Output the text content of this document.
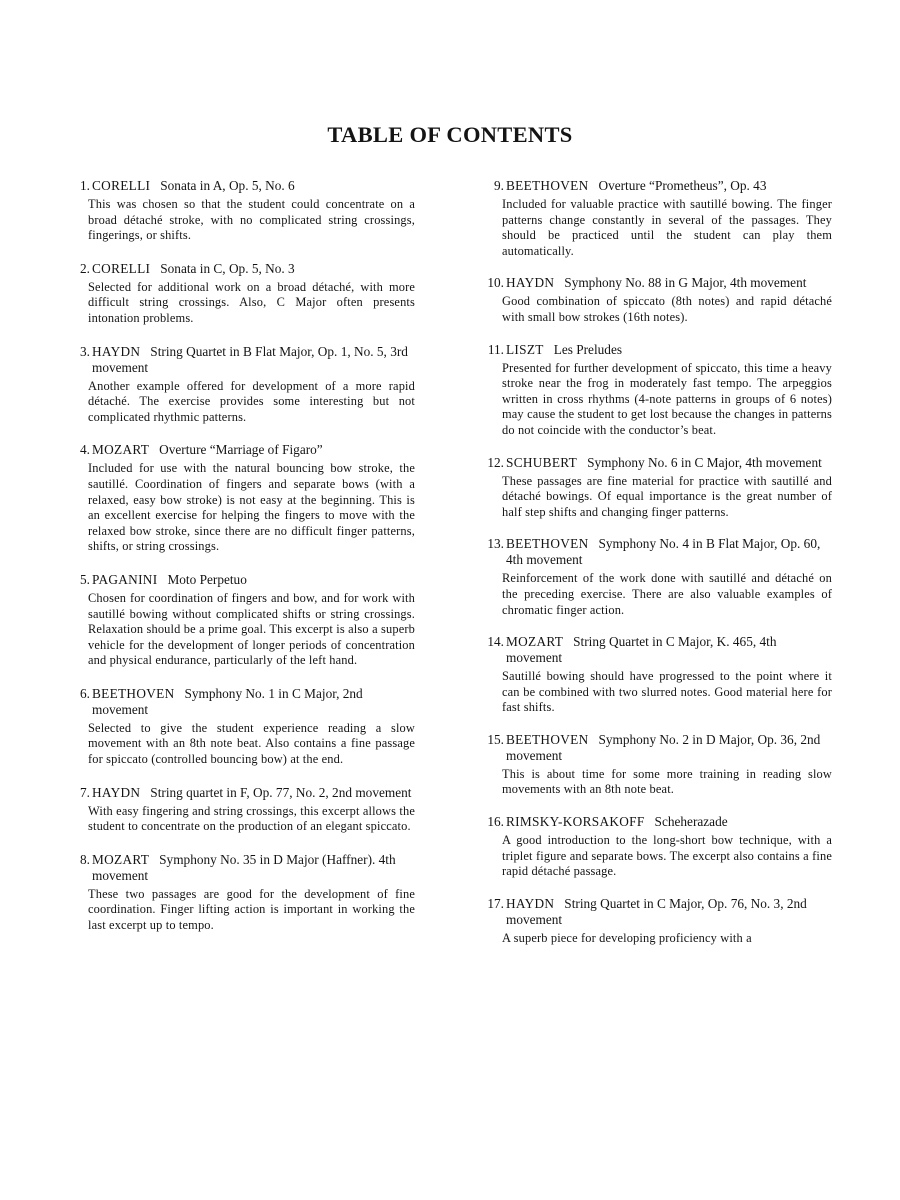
TABLE OF CONTENTS
1. CORELLI Sonata in A, Op. 5, No. 6
This was chosen so that the student could concentrate on a broad détaché stroke, with no complicated string crossings, fingerings, or shifts.
2. CORELLI Sonata in C, Op. 5, No. 3
Selected for additional work on a broad détaché, with more difficult string crossings. Also, C Major often presents intonation problems.
3. HAYDN String Quartet in B Flat Major, Op. 1, No. 5, 3rd movement
Another example offered for development of a more rapid détaché. The exercise provides some interesting but not complicated rhythmic patterns.
4. MOZART Overture “Marriage of Figaro”
Included for use with the natural bouncing bow stroke, the sautillé. Coordination of fingers and separate bows (with a relaxed, easy bow stroke) is not easy at the beginning. This is an excellent exercise for helping the fingers to move with the relaxed bow stroke, since there are no difficult finger patterns, shifts, or string crossings.
5. PAGANINI Moto Perpetuo
Chosen for coordination of fingers and bow, and for work with sautillé bowing without complicated shifts or string crossings. Relaxation should be a prime goal. This excerpt is also a superb vehicle for the development of longer periods of concentration and physical endurance, particularly of the left hand.
6. BEETHOVEN Symphony No. 1 in C Major, 2nd movement
Selected to give the student experience reading a slow movement with an 8th note beat. Also contains a fine passage for spiccato (controlled bouncing bow) at the end.
7. HAYDN String quartet in F, Op. 77, No. 2, 2nd movement
With easy fingering and string crossings, this excerpt allows the student to concentrate on the production of an elegant spiccato.
8. MOZART Symphony No. 35 in D Major (Haffner). 4th movement
These two passages are good for the development of fine coordination. Finger lifting action is important in working the last excerpt up to tempo.
9. BEETHOVEN Overture “Prometheus”, Op. 43
Included for valuable practice with sautillé bowing. The finger patterns change constantly in several of the passages. They should be practiced until the student can play them automatically.
10. HAYDN Symphony No. 88 in G Major, 4th movement
Good combination of spiccato (8th notes) and rapid détaché with small bow strokes (16th notes).
11. LISZT Les Preludes
Presented for further development of spiccato, this time a heavy stroke near the frog in moderately fast tempo. The arpeggios written in cross rhythms (4-note patterns in groups of 6 notes) may cause the student to get lost because the changes in patterns do not coincide with the conductor’s beat.
12. SCHUBERT Symphony No. 6 in C Major, 4th movement
These passages are fine material for practice with sautillé and détaché bowings. Of equal importance is the great number of half step shifts and changing finger patterns.
13. BEETHOVEN Symphony No. 4 in B Flat Major, Op. 60, 4th movement
Reinforcement of the work done with sautillé and détaché on the preceding exercise. There are also valuable examples of chromatic finger action.
14. MOZART String Quartet in C Major, K. 465, 4th movement
Sautillé bowing should have progressed to the point where it can be combined with two slurred notes. Good material here for fast shifts.
15. BEETHOVEN Symphony No. 2 in D Major, Op. 36, 2nd movement
This is about time for some more training in reading slow movements with an 8th note beat.
16. RIMSKY-KORSAKOFF Scheherazade
A good introduction to the long-short bow technique, with a triplet figure and separate bows. The excerpt also contains a fine rapid détaché passage.
17. HAYDN String Quartet in C Major, Op. 76, No. 3, 2nd movement
A superb piece for developing proficiency with a
